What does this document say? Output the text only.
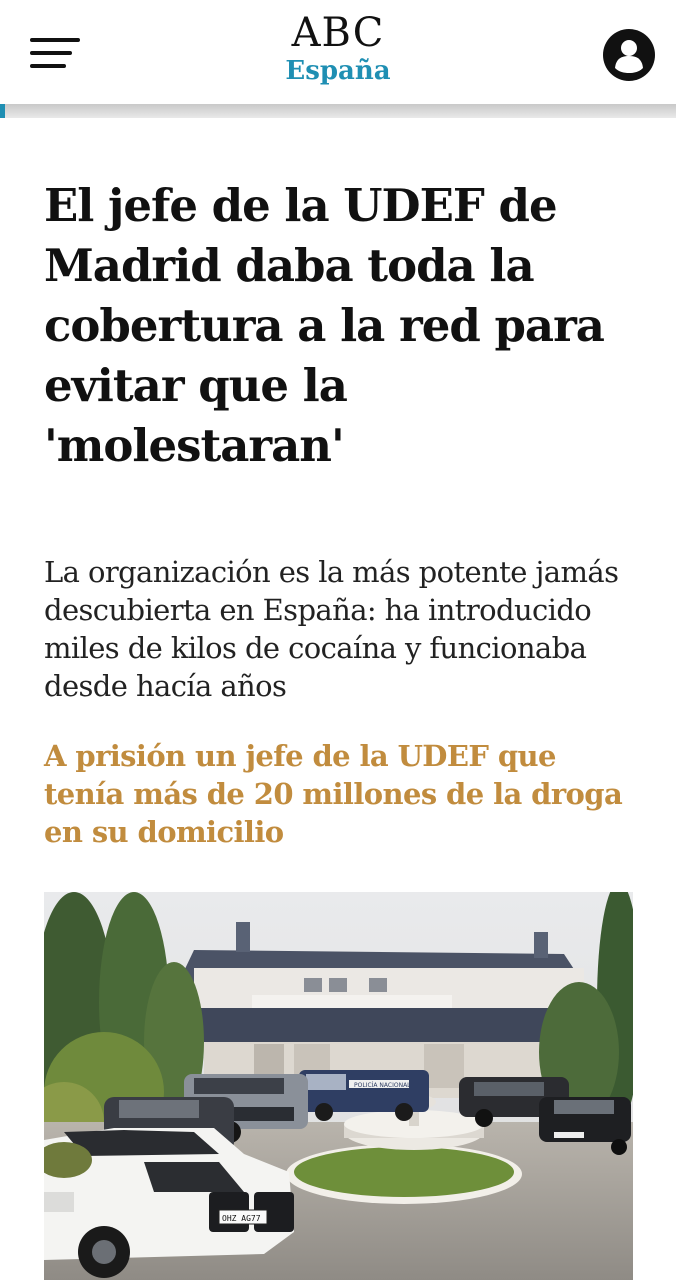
ABC
España
El jefe de la UDEF de Madrid daba toda la cobertura a la red para evitar que la 'molestaran'

La organización es la más potente jamás descubierta en España: ha introducido miles de kilos de cocaína y funcionaba desde hacía años

A prisión un jefe de la UDEF que tenía más de 20 millones de la droga en su domicilio
POLICÍA NACIONAL
OHZ AG77
